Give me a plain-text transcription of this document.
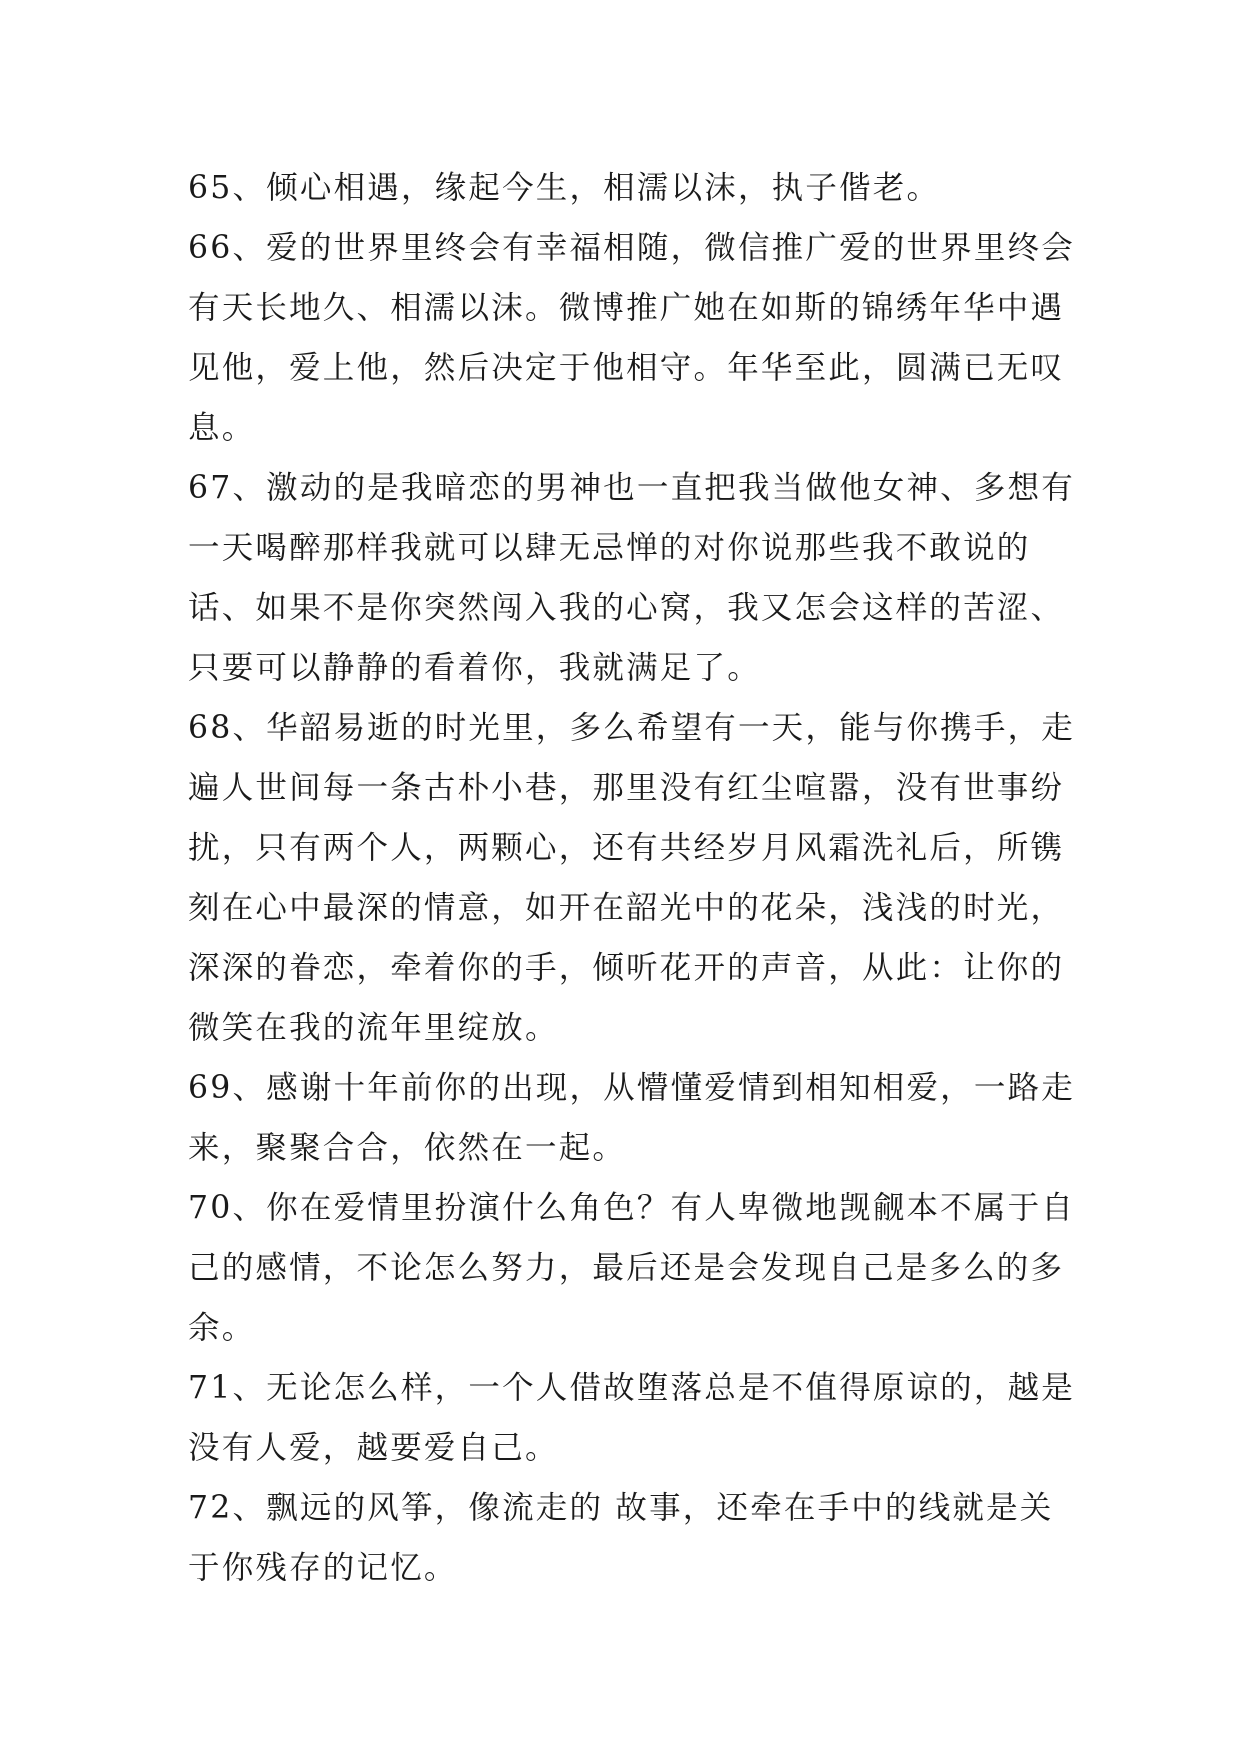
65、倾心相遇，缘起今生，相濡以沫，执子偕老。
66、爱的世界里终会有幸福相随，微信推广爱的世界里终会
有天长地久、相濡以沫。微博推广她在如斯的锦绣年华中遇
见他，爱上他，然后决定于他相守。年华至此，圆满已无叹
息。
67、激动的是我暗恋的男神也一直把我当做他女神、多想有
一天喝醉那样我就可以肆无忌惮的对你说那些我不敢说的
话、如果不是你突然闯入我的心窝，我又怎会这样的苦涩、
只要可以静静的看着你，我就满足了。
68、华韶易逝的时光里，多么希望有一天，能与你携手，走
遍人世间每一条古朴小巷，那里没有红尘喧嚣，没有世事纷
扰，只有两个人，两颗心，还有共经岁月风霜洗礼后，所镌
刻在心中最深的情意，如开在韶光中的花朵，浅浅的时光，
深深的眷恋，牵着你的手，倾听花开的声音，从此：让你的
微笑在我的流年里绽放。
69、感谢十年前你的出现，从懵懂爱情到相知相爱，一路走
来，聚聚合合，依然在一起。
70、你在爱情里扮演什么角色？有人卑微地觊觎本不属于自
己的感情，不论怎么努力，最后还是会发现自己是多么的多
余。
71、无论怎么样，一个人借故堕落总是不值得原谅的，越是
没有人爱，越要爱自己。
72、飘远的风筝，像流走的 故事，还牵在手中的线就是关
于你残存的记忆。
